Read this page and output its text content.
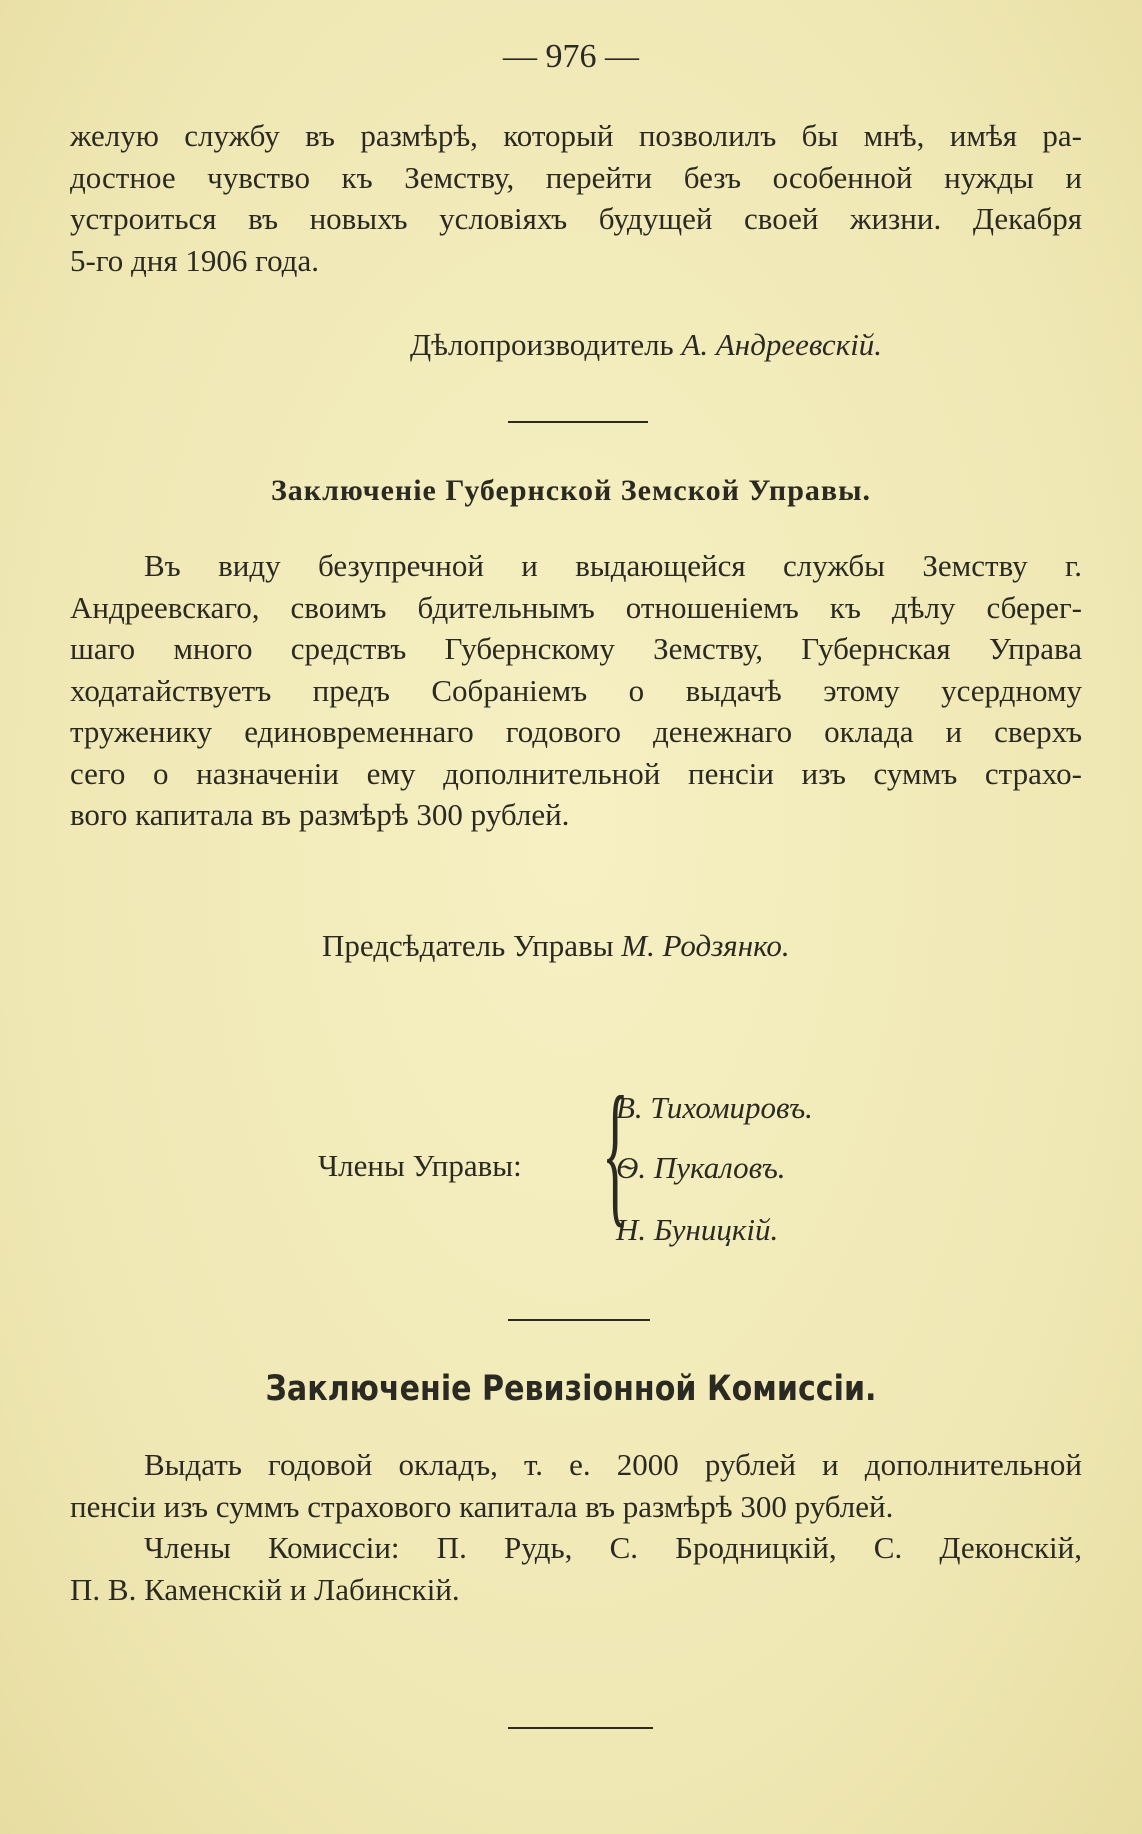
— 976 —
желую службу въ размѣрѣ, который позволилъ бы мнѣ, имѣя ра-
достное чувство къ Земству, перейти безъ особенной нужды и
устроиться въ новыхъ условіяхъ будущей своей жизни. Декабря
5-го дня 1906 года.
Дѣлопроизводитель А. Андреевскій.
Заключеніе Губернской Земской Управы.
Въ виду безупречной и выдающейся службы Земству г.
Андреевскаго, своимъ бдительнымъ отношеніемъ къ дѣлу сберег-
шаго много средствъ Губернскому Земству, Губернская Управа
ходатайствуетъ предъ Собраніемъ о выдачѣ этому усердному
труженику единовременнаго годового денежнаго оклада и сверхъ
сего о назначеніи ему дополнительной пенсіи изъ суммъ страхо-
вого капитала въ размѣрѣ 300 рублей.
Предсѣдатель Управы М. Родзянко.
Члены Управы: {
В. Тихомировъ.
Ѳ. Пукаловъ.
Н. Буницкій.
Заключеніе Ревизіонной Комиссіи.
Выдать годовой окладъ, т. е. 2000 рублей и дополнительной
пенсіи изъ суммъ страхового капитала въ размѣрѣ 300 рублей.
Члены Комиссіи: П. Рудь, С. Бродницкій, С. Деконскій,
П. В. Каменскій и Лабинскій.
